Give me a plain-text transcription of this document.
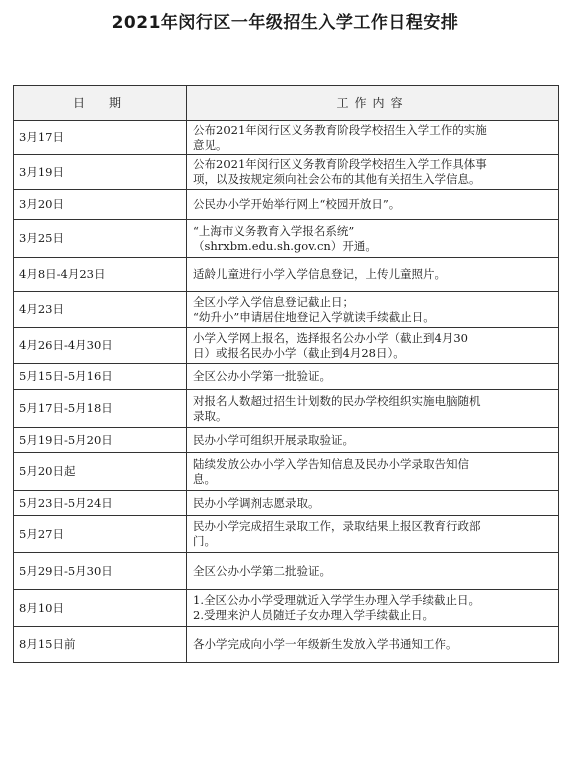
2021年闵行区一年级招生入学工作日程安排
日　期	工作内容
3月17日	公布2021年闵行区义务教育阶段学校招生入学工作的实施
意见。

3月19日	公布2021年闵行区义务教育阶段学校招生入学工作具体事
项，以及按规定须向社会公布的其他有关招生入学信息。

3月20日	公民办小学开始举行网上“校园开放日”。

3月25日	“上海市义务教育入学报名系统”
（shrxbm.edu.sh.gov.cn）开通。

4月8日-4月23日	适龄儿童进行小学入学信息登记，上传儿童照片。

4月23日	全区小学入学信息登记截止日；
“幼升小”申请居住地登记入学就读手续截止日。

4月26日-4月30日	小学入学网上报名，选择报名公办小学（截止到4月30
日）或报名民办小学（截止到4月28日）。

5月15日-5月16日	全区公办小学第一批验证。

5月17日-5月18日	对报名人数超过招生计划数的民办学校组织实施电脑随机
录取。

5月19日-5月20日	民办小学可组织开展录取验证。

5月20日起	陆续发放公办小学入学告知信息及民办小学录取告知信
息。

5月23日-5月24日	民办小学调剂志愿录取。

5月27日	民办小学完成招生录取工作，录取结果上报区教育行政部
门。

5月29日-5月30日	全区公办小学第二批验证。

8月10日	1.全区公办小学受理就近入学学生办理入学手续截止日。
2.受理来沪人员随迁子女办理入学手续截止日。

8月15日前	各小学完成向小学一年级新生发放入学书通知工作。
